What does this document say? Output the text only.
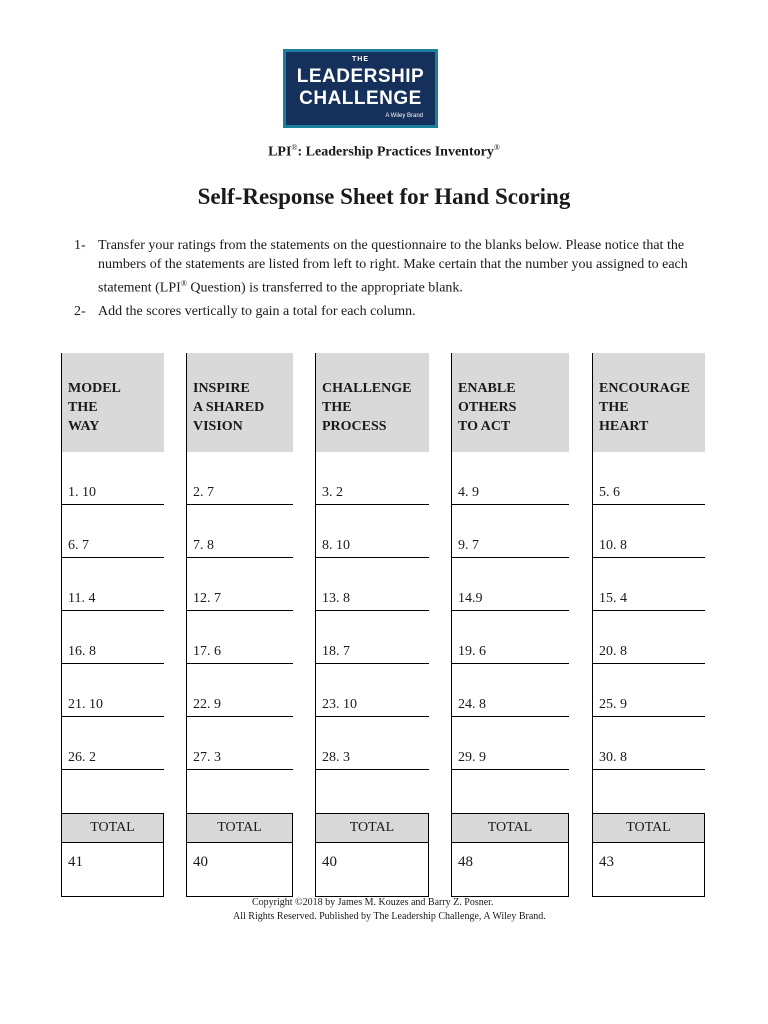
THE
LEADERSHIP
CHALLENGE
A Wiley Brand
LPI®: Leadership Practices Inventory®
Self-Response Sheet for Hand Scoring
1- Transfer your ratings from the statements on the questionnaire to the blanks below. Please notice that the numbers of the statements are listed from left to right. Make certain that the number you assigned to each statement (LPI® Question) is transferred to the appropriate blank.
2- Add the scores vertically to gain a total for each column.
MODEL
THE
WAY
1. 10
6. 7
11. 4
16. 8
21. 10
26. 2
TOTAL
41
INSPIRE
A SHARED
VISION
2. 7
7. 8
12. 7
17. 6
22. 9
27. 3
TOTAL
40
CHALLENGE
THE
PROCESS
3. 2
8. 10
13. 8
18. 7
23. 10
28. 3
TOTAL
40
ENABLE
OTHERS
TO ACT
4. 9
9. 7
14.9
19. 6
24. 8
29. 9
TOTAL
48
ENCOURAGE
THE
HEART
5. 6
10. 8
15. 4
20. 8
25. 9
30. 8
TOTAL
43
Copyright ©2018 by James M. Kouzes and Barry Z. Posner.
All Rights Reserved. Published by The Leadership Challenge, A Wiley Brand.
